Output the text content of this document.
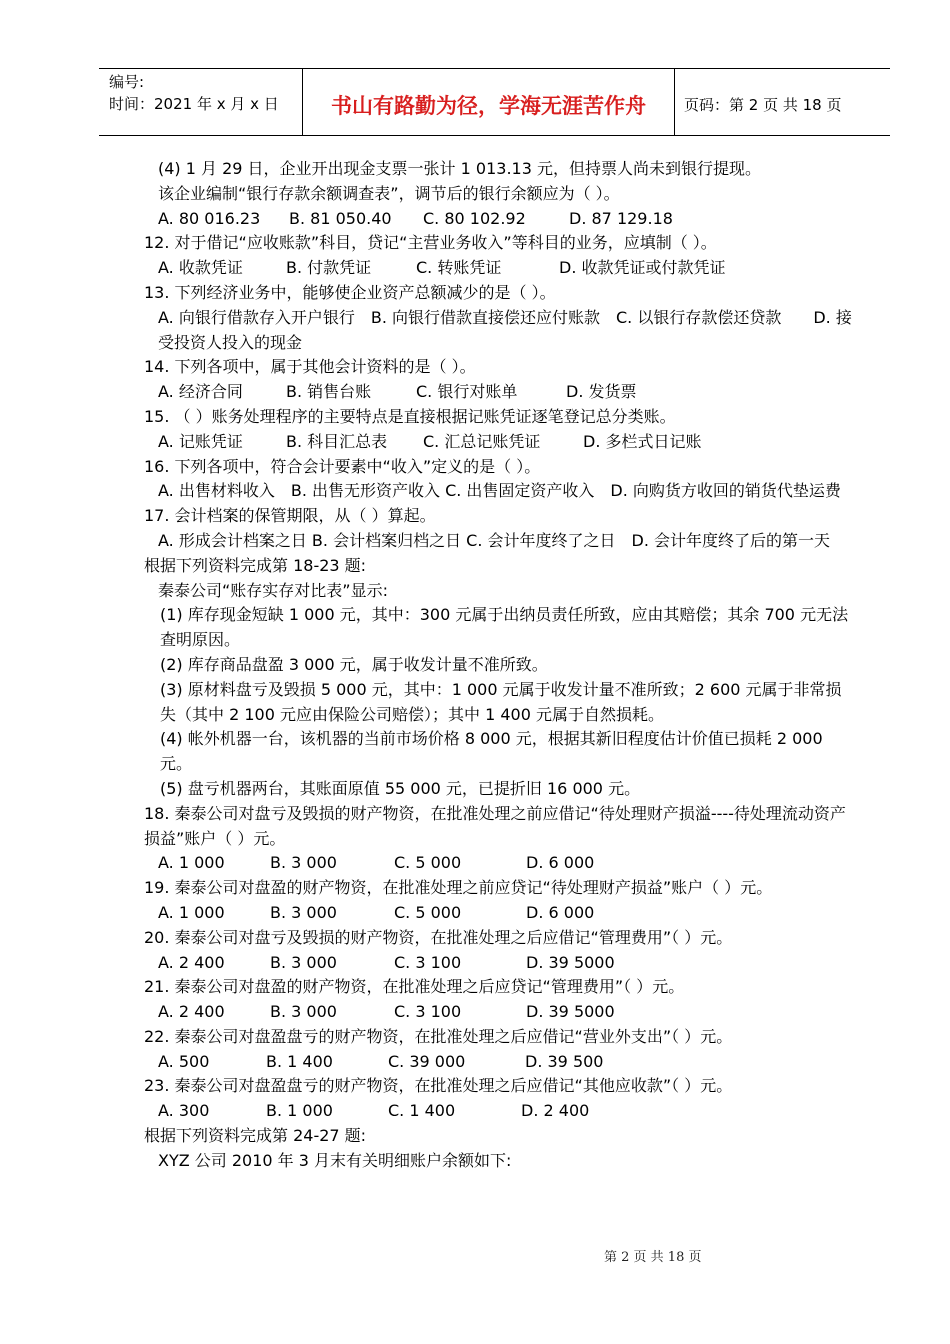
编号:
时间：2021 年 x 月 x 日	书山有路勤为径，学海无涯苦作舟	页码：第 2 页 共 18 页
(4) 1 月 29 日，企业开出现金支票一张计 1 013.13 元，但持票人尚未到银行提现。
该企业编制“银行存款余额调查表”，调节后的银行余额应为（ ）。
A. 80 016.23	B. 81 050.40	C. 80 102.92	D. 87 129.18
12. 对于借记“应收账款”科目，贷记“主营业务收入”等科目的业务，应填制（ ）。
A. 收款凭证	B. 付款凭证	C. 转账凭证	D. 收款凭证或付款凭证
13. 下列经济业务中，能够使企业资产总额减少的是（ ）。
A. 向银行借款存入开户银行　B. 向银行借款直接偿还应付账款　C. 以银行存款偿还贷款　　D. 接受投资人投入的现金
14. 下列各项中，属于其他会计资料的是（ ）。
A. 经济合同	B. 销售台账	C. 银行对账单	D. 发货票
15. （ ）账务处理程序的主要特点是直接根据记账凭证逐笔登记总分类账。
A. 记账凭证	B. 科目汇总表	C. 汇总记账凭证	D. 多栏式日记账
16. 下列各项中，符合会计要素中“收入”定义的是（ ）。
A. 出售材料收入　B. 出售无形资产收入 C. 出售固定资产收入　D. 向购货方收回的销货代垫运费
17. 会计档案的保管期限，从（ ）算起。
A. 形成会计档案之日 B. 会计档案归档之日 C. 会计年度终了之日　D. 会计年度终了后的第一天
根据下列资料完成第 18-23 题:
秦泰公司“账存实存对比表”显示:
(1) 库存现金短缺 1 000 元，其中：300 元属于出纳员责任所致，应由其赔偿；其余 700 元无法查明原因。
(2) 库存商品盘盈 3 000 元，属于收发计量不准所致。
(3) 原材料盘亏及毁损 5 000 元，其中：1 000 元属于收发计量不准所致；2 600 元属于非常损失（其中 2 100 元应由保险公司赔偿）；其中 1 400 元属于自然损耗。
(4) 帐外机器一台，该机器的当前市场价格 8 000 元，根据其新旧程度估计价值已损耗 2 000 元。
(5) 盘亏机器两台，其账面原值 55 000 元，已提折旧 16 000 元。
18. 秦泰公司对盘亏及毁损的财产物资，在批准处理之前应借记“待处理财产损溢----待处理流动资产损益”账户（ ）元。
A. 1 000	B. 3 000	C. 5 000	D. 6 000
19. 秦泰公司对盘盈的财产物资，在批准处理之前应贷记“待处理财产损益”账户（ ）元。
A. 1 000	B. 3 000	C. 5 000	D. 6 000
20. 秦泰公司对盘亏及毁损的财产物资，在批准处理之后应借记“管理费用”（ ）元。
A. 2 400	B. 3 000	C. 3 100	D. 39 5000
21. 秦泰公司对盘盈的财产物资，在批准处理之后应贷记“管理费用”（ ）元。
A. 2 400	B. 3 000	C. 3 100	D. 39 5000
22. 秦泰公司对盘盈盘亏的财产物资，在批准处理之后应借记“营业外支出”（ ）元。
A. 500	B. 1 400	C. 39 000	D. 39 500
23. 秦泰公司对盘盈盘亏的财产物资，在批准处理之后应借记“其他应收款”（ ）元。
A. 300	B. 1 000	C. 1 400	D. 2 400
根据下列资料完成第 24-27 题:
XYZ 公司 2010 年 3 月末有关明细账户余额如下:
第 2 页 共 18 页
